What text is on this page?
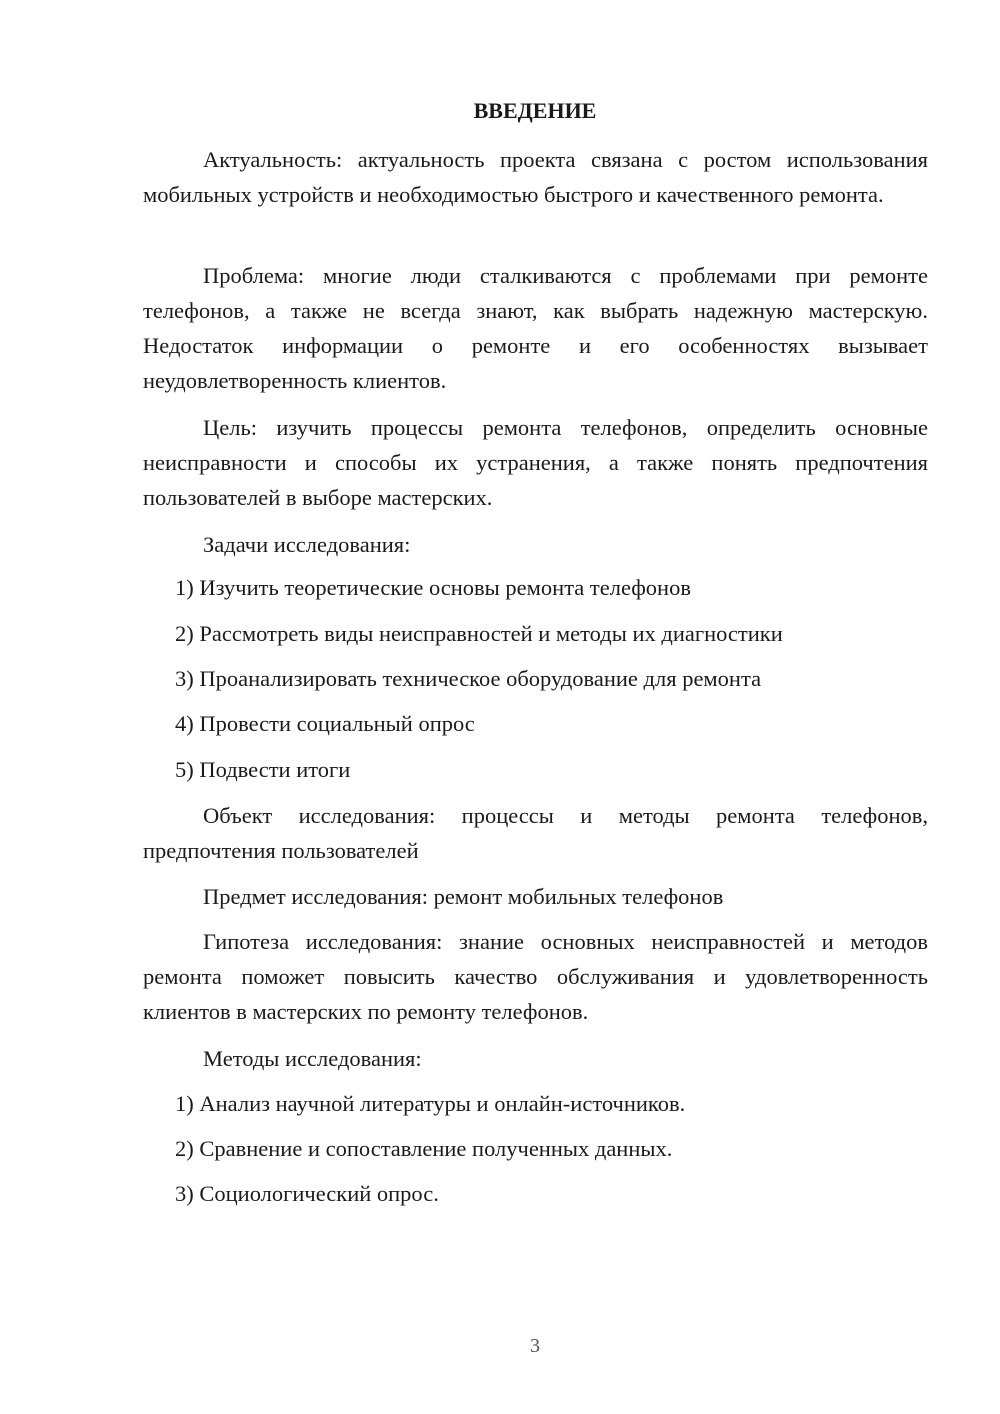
ВВЕДЕНИЕ

Актуальность: актуальность проекта связана с ростом использования мобильных устройств и необходимостью быстрого и качественного ремонта.

Проблема: многие люди сталкиваются с проблемами при ремонте телефонов, а также не всегда знают, как выбрать надежную мастерскую. Недостаток информации о ремонте и его особенностях вызывает неудовлетворенность клиентов.

Цель: изучить процессы ремонта телефонов, определить основные неисправности и способы их устранения, а также понять предпочтения пользователей в выборе мастерских.

Задачи исследования:

1) Изучить теоретические основы ремонта телефонов

2) Рассмотреть виды неисправностей и методы их диагностики

3) Проанализировать техническое оборудование для ремонта

4) Провести социальный опрос

5) Подвести итоги

Объект исследования: процессы и методы ремонта телефонов, предпочтения пользователей

Предмет исследования: ремонт мобильных телефонов

Гипотеза исследования: знание основных неисправностей и методов ремонта поможет повысить качество обслуживания и удовлетворенность клиентов в мастерских по ремонту телефонов.

Методы исследования:

1) Анализ научной литературы и онлайн-источников.

2) Сравнение и сопоставление полученных данных.

3) Социологический опрос.

3
